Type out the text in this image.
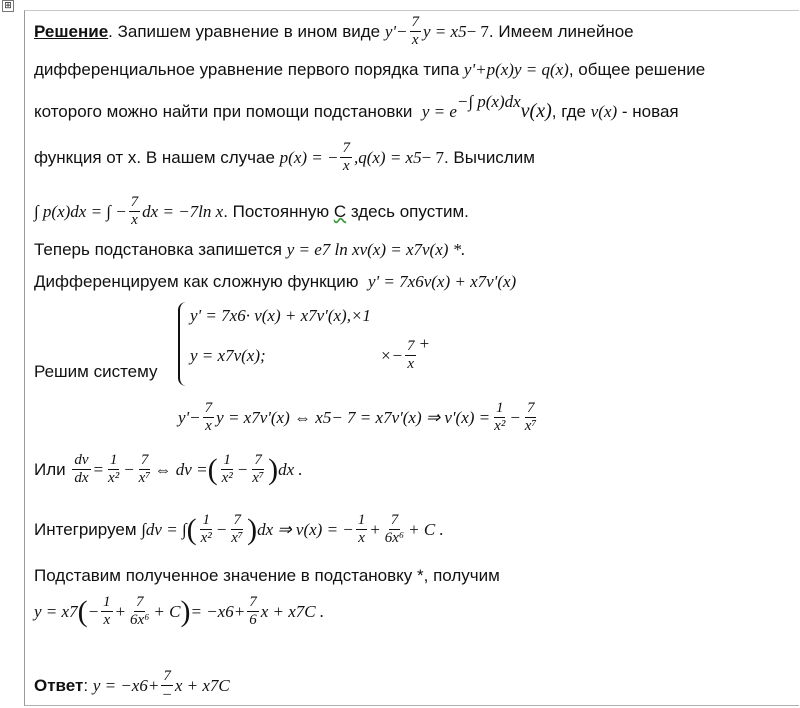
⊞
Решение . Запишем уравнение в ином виде
$y'- \frac{7}{x}$ y = x 5 − 7 . Имеем линейное
дифференциальное уравнение первого порядка типа
y'+p(x)y = q(x) , общее решение
которого можно найти при помощи подстановки
y = e
$^{-\int p(x)dx}$ v(x) , где
v(x)
- новая
функция от x. В нашем случае
p(x) = − $\frac{7}{x} ,q(x) = x$ 5 − 7 . Вычислим
∫ p(x)dx = ∫ − $\frac{7}{x}$ dx = −7ln x . Постоянную
C
здесь опустим.
Теперь подстановка запишется
y = e 7 ln x v(x) = x 7 v(x) *.
Дифференцируем как сложную функцию
y' = 7x 6 v(x) + x 7 v'(x)
Решим систему
y' = 7x 6 · v(x) + x 7 v'(x),×1
y = x 7 v(x);	×− $\frac{7}{x}$ +
$y'- \frac{7}{x}$ y = x 7 v'(x) ⇔ x 5 − 7 = x 7 v'(x) ⇒ $v'(x) = \frac{1}{\text{x²}} - \frac{7}{\text{x⁷}}$
Или
$\frac{dv}{dx} = \frac{1}{\text{x²}} - \frac{7}{\text{x⁷}}$ ⇔ dv = ( $\frac{1}{\text{x²}} - \frac{7}{\text{x⁷}}$ ) dx .
Интегрируем
∫dv = ∫ ( $\frac{1}{\text{x²}} - \frac{7}{\text{x⁷}}$ ) dx ⇒ v(x) = − $\frac{1}{x} + \frac{7}{\text{6x⁶}} + C$ .
Подставим полученное значение в подстановку *, получим
y = x 7 ( − $\frac{1}{x} + \frac{7}{\text{6x⁶}} + C$ ) = −x $6 + \frac{7}{6}$ x + x 7 C .
Ответ :
y = −x $6 + \frac{7}{-}$ x + x 7 C
